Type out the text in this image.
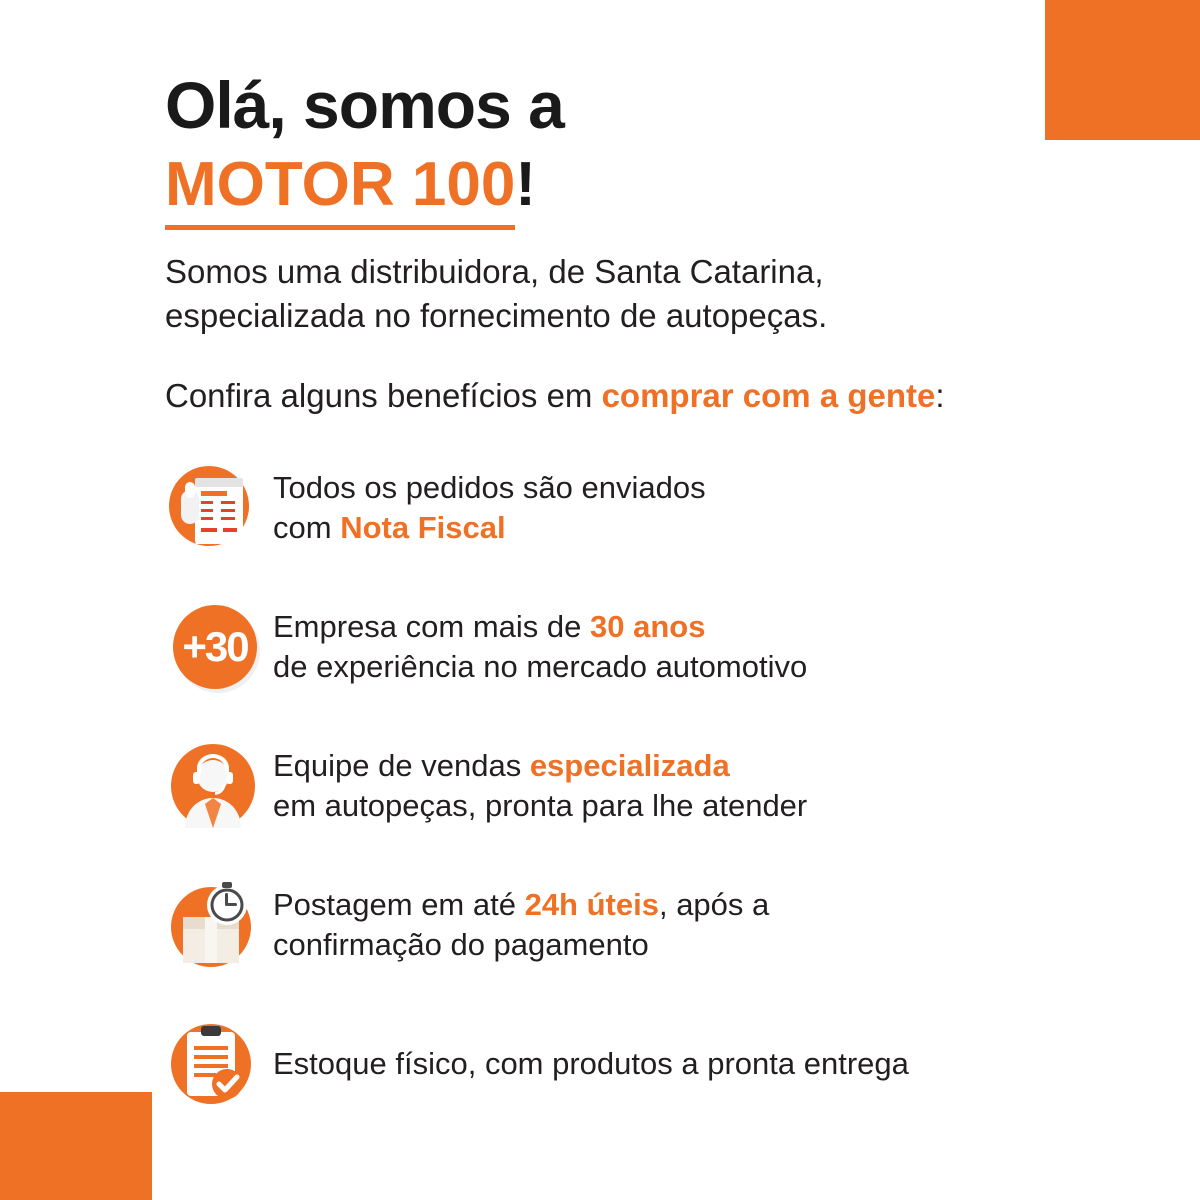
Olá, somos a
MOTOR 100!

Somos uma distribuidora, de Santa Catarina,
especializada no fornecimento de autopeças.

Confira alguns benefícios em comprar com a gente:

Todos os pedidos são enviados
com Nota Fiscal
+30 Empresa com mais de 30 anos
de experiência no mercado automotivo
Equipe de vendas especializada
em autopeças, pronta para lhe atender
Postagem em até 24h úteis, após a
confirmação do pagamento
Estoque físico, com produtos a pronta entrega
